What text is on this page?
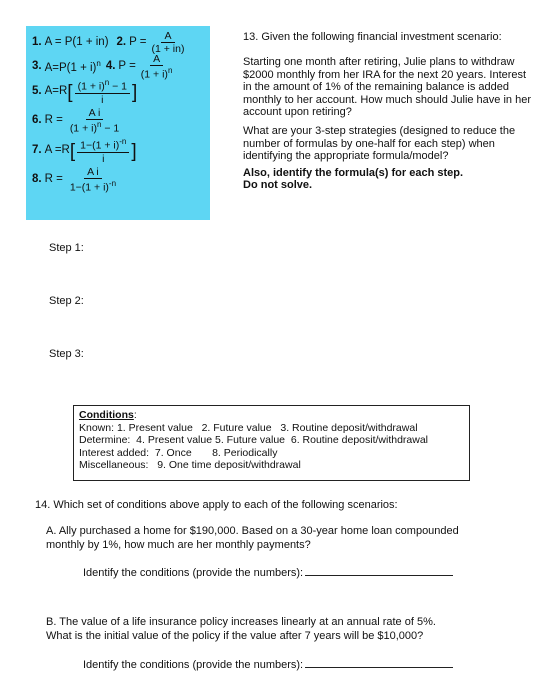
1. A = P(1 + in) 2. $P = \frac{A}{(1 + in)}$
3. $A=P(1 + i)^n$ 4. $P = \frac{A}{(1 + i)^n}$
5. A=R [ $\frac{(1 + i)^n - 1}{i}$ ]
6. $R = \frac{\text{A i}}{(1 + i)^n - 1}$
7. A =R [ $\frac{1-(1 + i)^{-n}}{i}$ ]
8. $R = \frac{\text{A i}}{1-(1 + i)^{-n}}$

13. Given the following financial investment scenario:

Starting one month after retiring, Julie plans to withdraw $2000 monthly from her IRA for the next 20 years. Interest in the amount of 1% of the remaining balance is added monthly to her account. How much should Julie have in her account upon retiring?

What are your 3-step strategies (designed to reduce the number of formulas by one-half for each step) when identifying the appropriate formula/model?

Also, identify the formula(s) for each step.
Do not solve.
Step 1:
Step 2:
Step 3:
Conditions:
Known: 1. Present value   2. Future value   3. Routine deposit/withdrawal
Determine:  4. Present value 5. Future value  6. Routine deposit/withdrawal
Interest added:  7. Once       8. Periodically
Miscellaneous:   9. One time deposit/withdrawal
14. Which set of conditions above apply to each of the following scenarios:
A. Ally purchased a home for $190,000. Based on a 30-year home loan compounded monthly by 1%, how much are her monthly payments?
Identify the conditions (provide the numbers):
B. The value of a life insurance policy increases linearly at an annual rate of 5%. What is the initial value of the policy if the value after 7 years will be $10,000?
Identify the conditions (provide the numbers):
